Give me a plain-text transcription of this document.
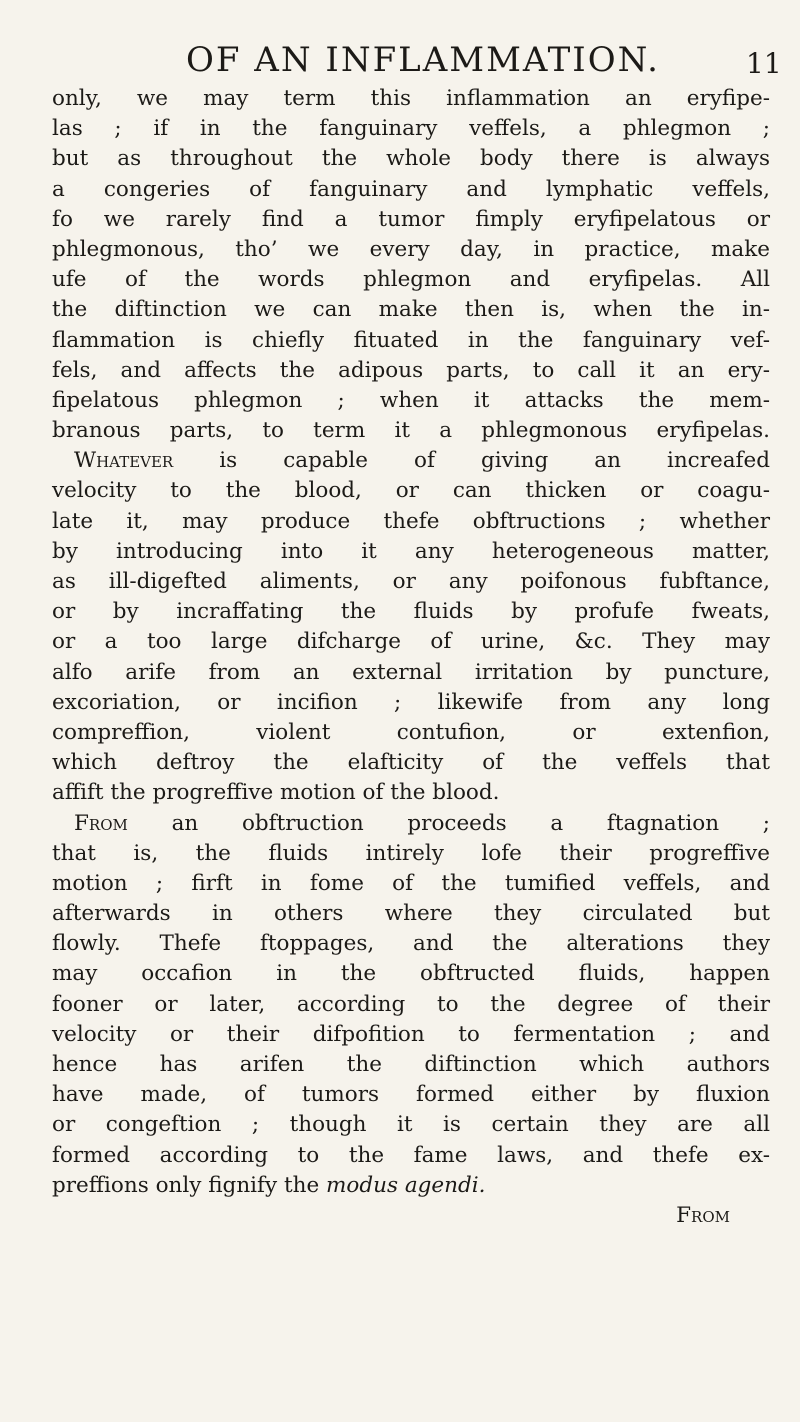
OF AN INFLAMMATION.	11
only, we may term this inflammation an eryfipe-
las ; if in the fanguinary veffels, a phlegmon ;
but as throughout the whole body there is always
a congeries of fanguinary and lymphatic veffels,
fo we rarely find a tumor fimply eryfipelatous or
phlegmonous, tho’ we every day, in practice, make
ufe of the words phlegmon and eryfipelas. All
the diftinction we can make then is, when the in-
flammation is chiefly fituated in the fanguinary vef-
fels, and affects the adipous parts, to call it an ery-
fipelatous phlegmon ; when it attacks the mem-
branous parts, to term it a phlegmonous eryfipelas.
Whatever is capable of giving an increafed
velocity to the blood, or can thicken or coagu-
late it, may produce thefe obftructions ; whether
by introducing into it any heterogeneous matter,
as ill-digefted aliments, or any poifonous fubftance,
or by incraffating the fluids by profufe fweats,
or a too large difcharge of urine, &c. They may
alfo arife from an external irritation by puncture,
excoriation, or incifion ; likewife from any long
compreffion, violent contufion, or extenfion,
which deftroy the elafticity of the veffels that
affift the progreffive motion of the blood.
From an obftruction proceeds a ftagnation ;
that is, the fluids intirely lofe their progreffive
motion ; firft in fome of the tumified veffels, and
afterwards in others where they circulated but
flowly. Thefe ftoppages, and the alterations they
may occafion in the obftructed fluids, happen
fooner or later, according to the degree of their
velocity or their difpofition to fermentation ; and
hence has arifen the diftinction which authors
have made, of tumors formed either by fluxion
or congeftion ; though it is certain they are all
formed according to the fame laws, and thefe ex-
preffions only fignify the modus agendi.
From
